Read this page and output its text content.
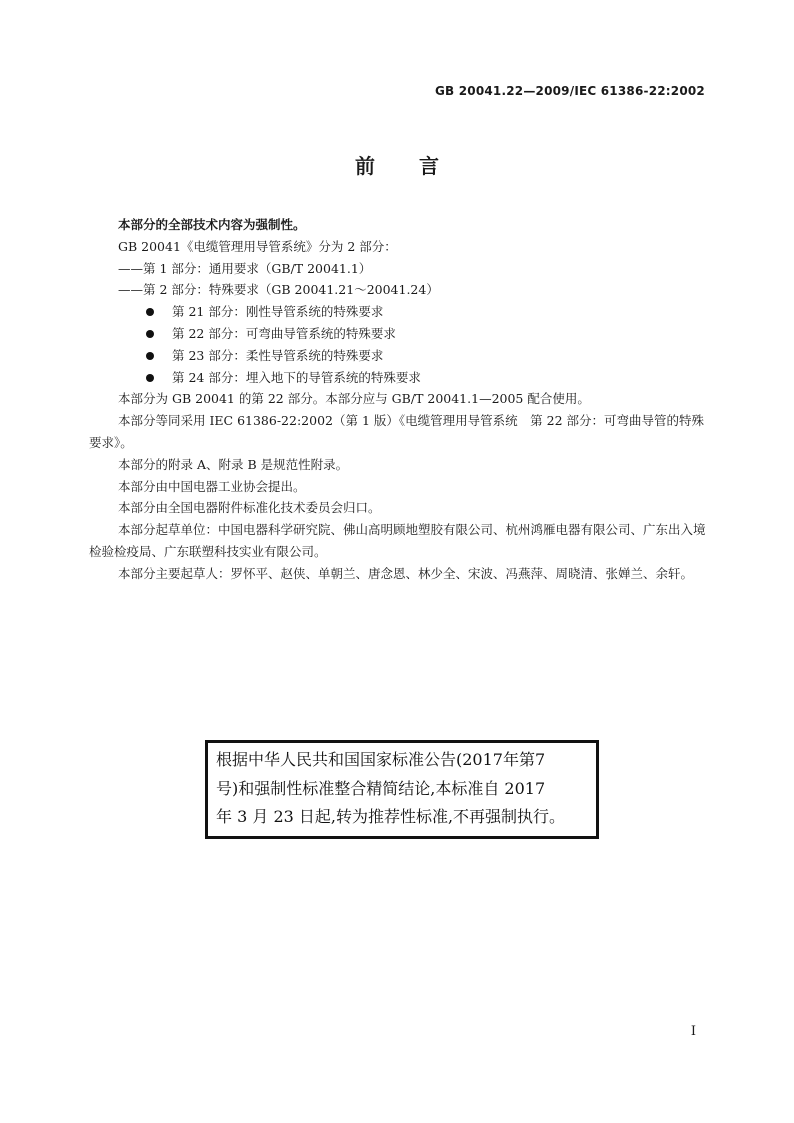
GB 20041.22—2009/IEC 61386-22:2002
前 言

本部分的全部技术内容为强制性。

GB 20041《电缆管理用导管系统》分为 2 部分：

——第 1 部分：通用要求（GB/T 20041.1）

——第 2 部分：特殊要求（GB 20041.21～20041.24）

第 21 部分：刚性导管系统的特殊要求
第 22 部分：可弯曲导管系统的特殊要求
第 23 部分：柔性导管系统的特殊要求
第 24 部分：埋入地下的导管系统的特殊要求

本部分为 GB 20041 的第 22 部分。本部分应与 GB/T 20041.1—2005 配合使用。

本部分等同采用 IEC 61386-22:2002（第 1 版）《电缆管理用导管系统　第 22 部分：可弯曲导管的特殊要求》。

本部分的附录 A、附录 B 是规范性附录。

本部分由中国电器工业协会提出。

本部分由全国电器附件标准化技术委员会归口。

本部分起草单位：中国电器科学研究院、佛山高明顾地塑胶有限公司、杭州鸿雁电器有限公司、广东出入境检验检疫局、广东联塑科技实业有限公司。

本部分主要起草人：罗怀平、赵侠、单朝兰、唐念恩、林少全、宋波、冯燕萍、周晓清、张婵兰、余轩。

根据中华人民共和国国家标准公告(2017年第7
号)和强制性标准整合精简结论,本标准自 2017
年 3 月 23 日起,转为推荐性标准,不再强制执行。
I
